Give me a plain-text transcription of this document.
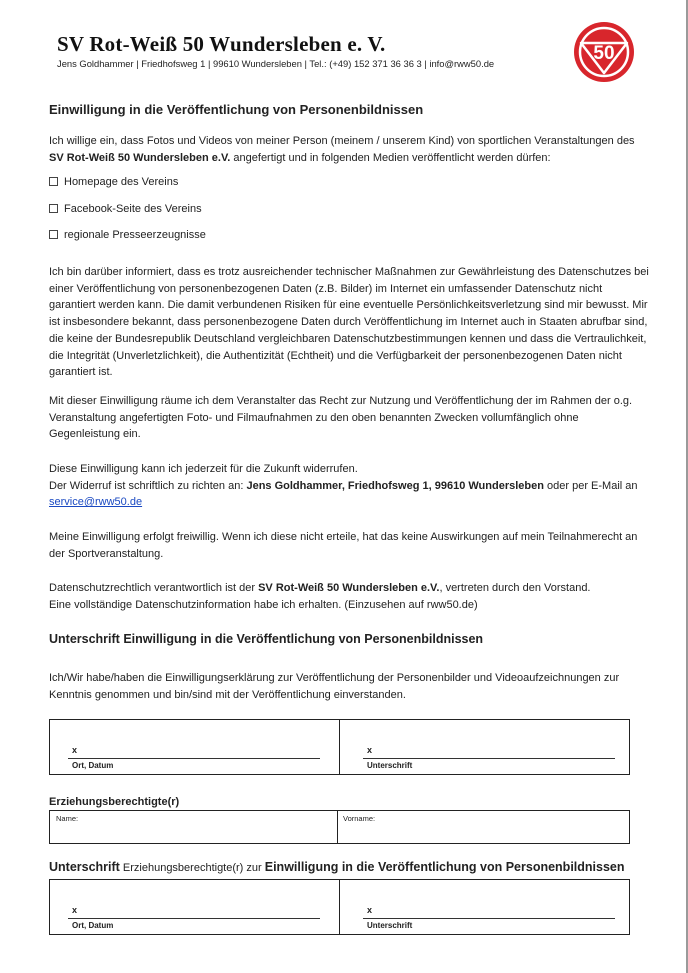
SV Rot-Weiß 50 Wundersleben e. V.
Jens Goldhammer | Friedhofsweg 1 | 99610 Wundersleben | Tel.: (+49) 152 371 36 36 3 | info@rww50.de	50
Einwilligung in die Veröffentlichung von Personenbildnissen
Ich willige ein, dass Fotos und Videos von meiner Person (meinem / unserem Kind) von sportlichen Veranstaltungen des SV Rot-Weiß 50 Wundersleben e.V. angefertigt und in folgenden Medien veröffentlicht werden dürfen:
Homepage des Vereins
Facebook-Seite des Vereins
regionale Presseerzeugnisse
Ich bin darüber informiert, dass es trotz ausreichender technischer Maßnahmen zur Gewährleistung des Datenschutzes bei einer Veröffentlichung von personenbezogenen Daten (z.B. Bilder) im Internet ein umfassender Datenschutz nicht garantiert werden kann. Die damit verbundenen Risiken für eine eventuelle Persönlichkeitsverletzung sind mir bewusst. Mir ist insbesondere bekannt, dass personenbezogene Daten durch Veröffentlichung im Internet auch in Staaten abrufbar sind, die keine der Bundesrepublik Deutschland vergleichbaren Datenschutzbestimmungen kennen und dass die Vertraulichkeit, die Integrität (Unverletzlichkeit), die Authentizität (Echtheit) und die Verfügbarkeit der personenbezogenen Daten nicht garantiert ist.
Mit dieser Einwilligung räume ich dem Veranstalter das Recht zur Nutzung und Veröffentlichung der im Rahmen der o.g. Veranstaltung angefertigten Foto- und Filmaufnahmen zu den oben benannten Zwecken vollumfänglich ohne Gegenleistung ein.
Diese Einwilligung kann ich jederzeit für die Zukunft widerrufen.
Der Widerruf ist schriftlich zu richten an: Jens Goldhammer, Friedhofsweg 1, 99610 Wundersleben oder per E-Mail an service@rww50.de
Meine Einwilligung erfolgt freiwillig. Wenn ich diese nicht erteile, hat das keine Auswirkungen auf mein Teilnahmerecht an der Sportveranstaltung.
Datenschutzrechtlich verantwortlich ist der SV Rot-Weiß 50 Wundersleben e.V., vertreten durch den Vorstand.
Eine vollständige Datenschutzinformation habe ich erhalten. (Einzusehen auf rww50.de)
Unterschrift Einwilligung in die Veröffentlichung von Personenbildnissen
Ich/Wir habe/haben die Einwilligungserklärung zur Veröffentlichung der Personenbilder und Videoaufzeichnungen zur Kenntnis genommen und bin/sind mit der Veröffentlichung einverstanden.
x
Ort, Datum
x
Unterschrift
Erziehungsberechtigte(r)
Name:	Vorname:
Unterschrift Erziehungsberechtigte(r) zur Einwilligung in die Veröffentlichung von Personenbildnissen
x
Ort, Datum
x
Unterschrift
